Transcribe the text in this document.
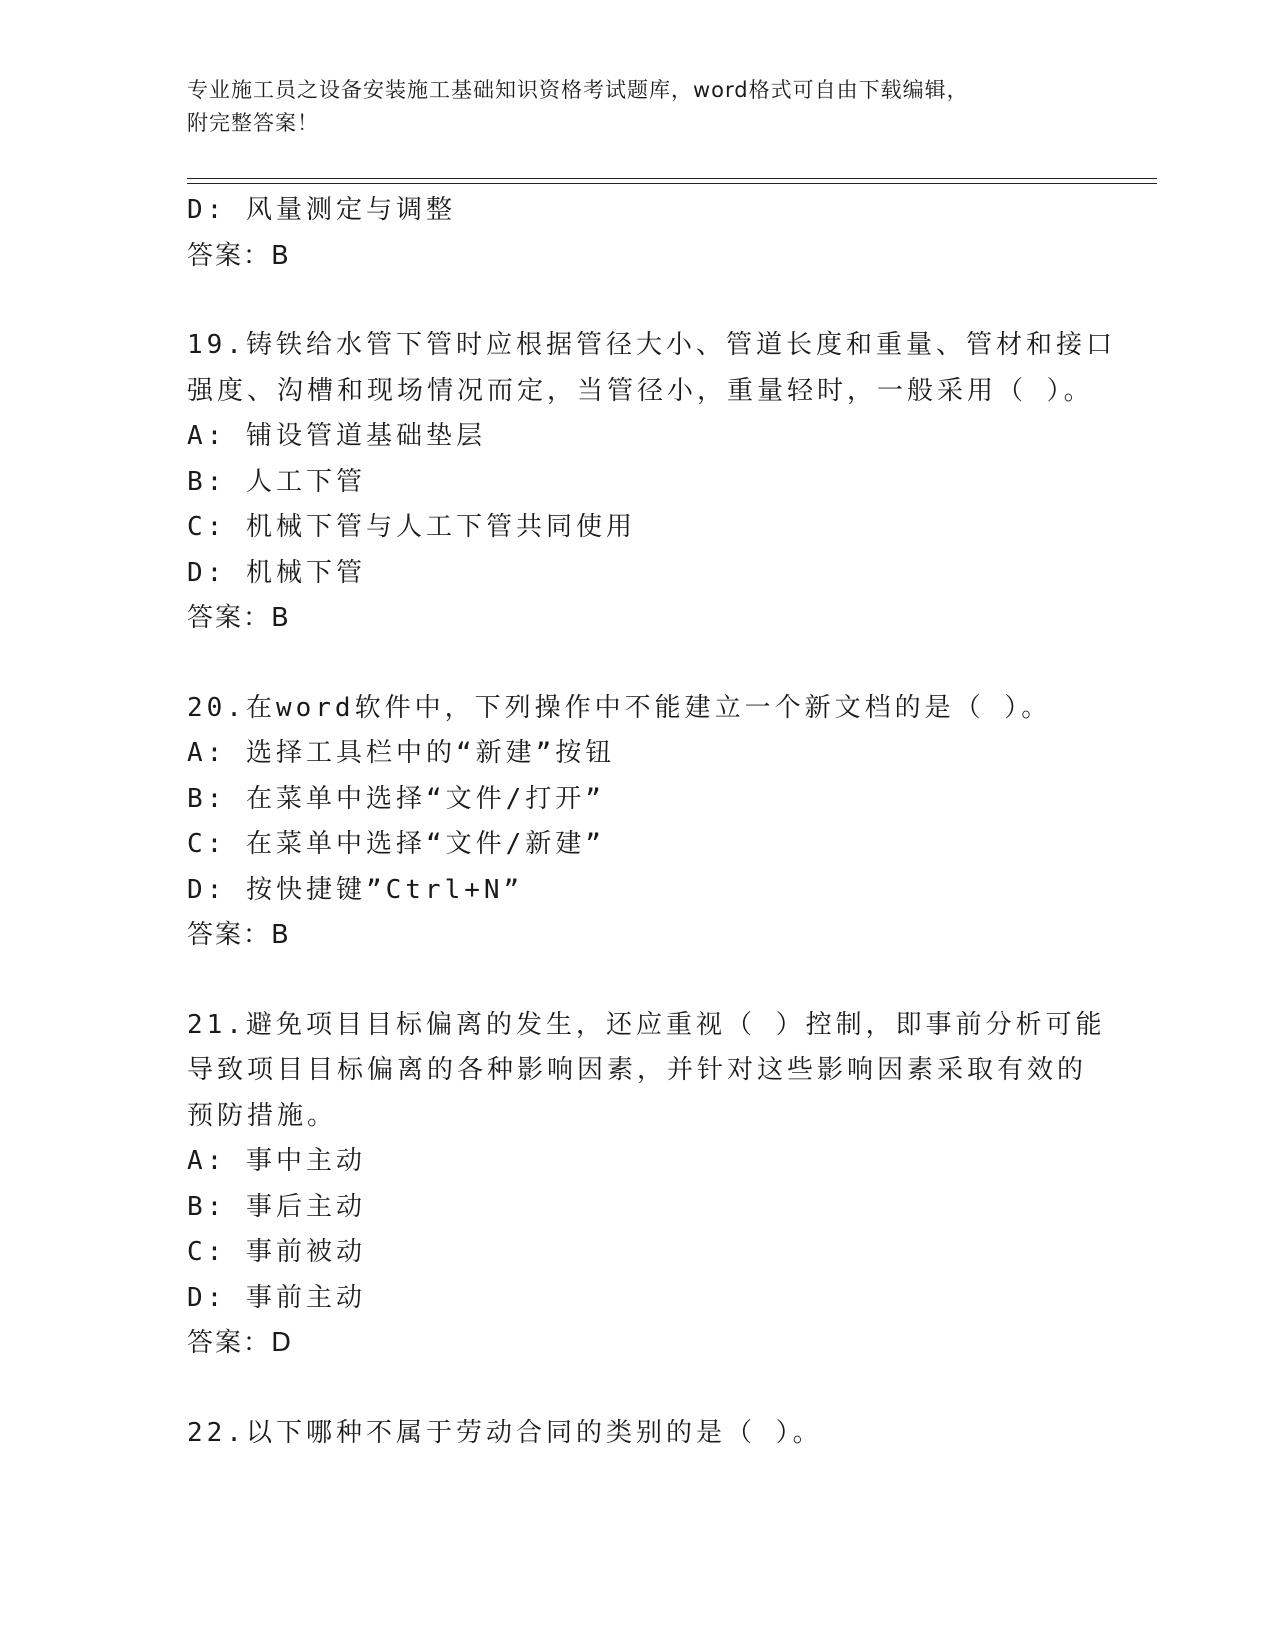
专业施工员之设备安装施工基础知识资格考试题库，word格式可自由下载编辑，
附完整答案！
D: 风量测定与调整
答案：B
19.铸铁给水管下管时应根据管径大小、管道长度和重量、管材和接口
强度、沟槽和现场情况而定，当管径小，重量轻时，一般采用（ ）。
A: 铺设管道基础垫层
B: 人工下管
C: 机械下管与人工下管共同使用
D: 机械下管
答案：B
20.在word软件中，下列操作中不能建立一个新文档的是（ ）。
A: 选择工具栏中的“新建”按钮
B: 在菜单中选择“文件/打开”
C: 在菜单中选择“文件/新建”
D: 按快捷键”Ctrl+N”
答案：B
21.避免项目目标偏离的发生，还应重视（ ）控制，即事前分析可能
导致项目目标偏离的各种影响因素，并针对这些影响因素采取有效的
预防措施。
A: 事中主动
B: 事后主动
C: 事前被动
D: 事前主动
答案：D
22.以下哪种不属于劳动合同的类别的是（ ）。
